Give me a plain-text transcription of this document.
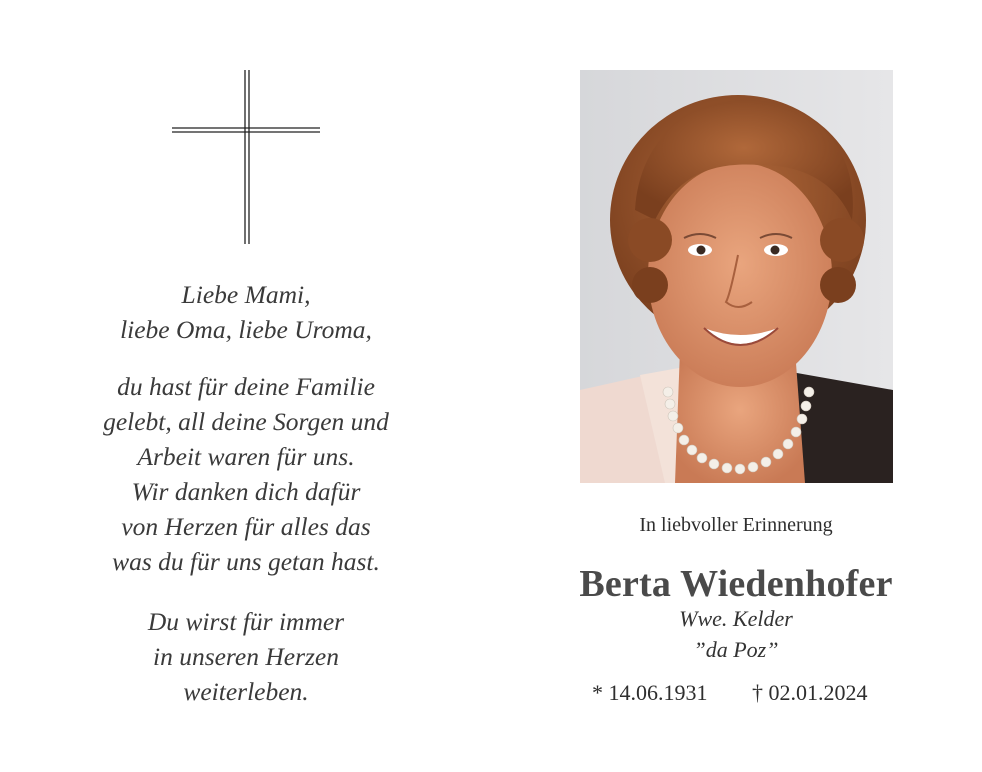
Liebe Mami,
liebe Oma, liebe Uroma,
du hast für deine Familie
gelebt, all deine Sorgen und
Arbeit waren für uns.
Wir danken dich dafür
von Herzen für alles das
was du für uns getan hast.
Du wirst für immer
in unseren Herzen
weiterleben.
In liebvoller Erinnerung
Berta Wiedenhofer
Wwe. Kelder
”da Poz”
* 14.06.1931 † 02.01.2024
